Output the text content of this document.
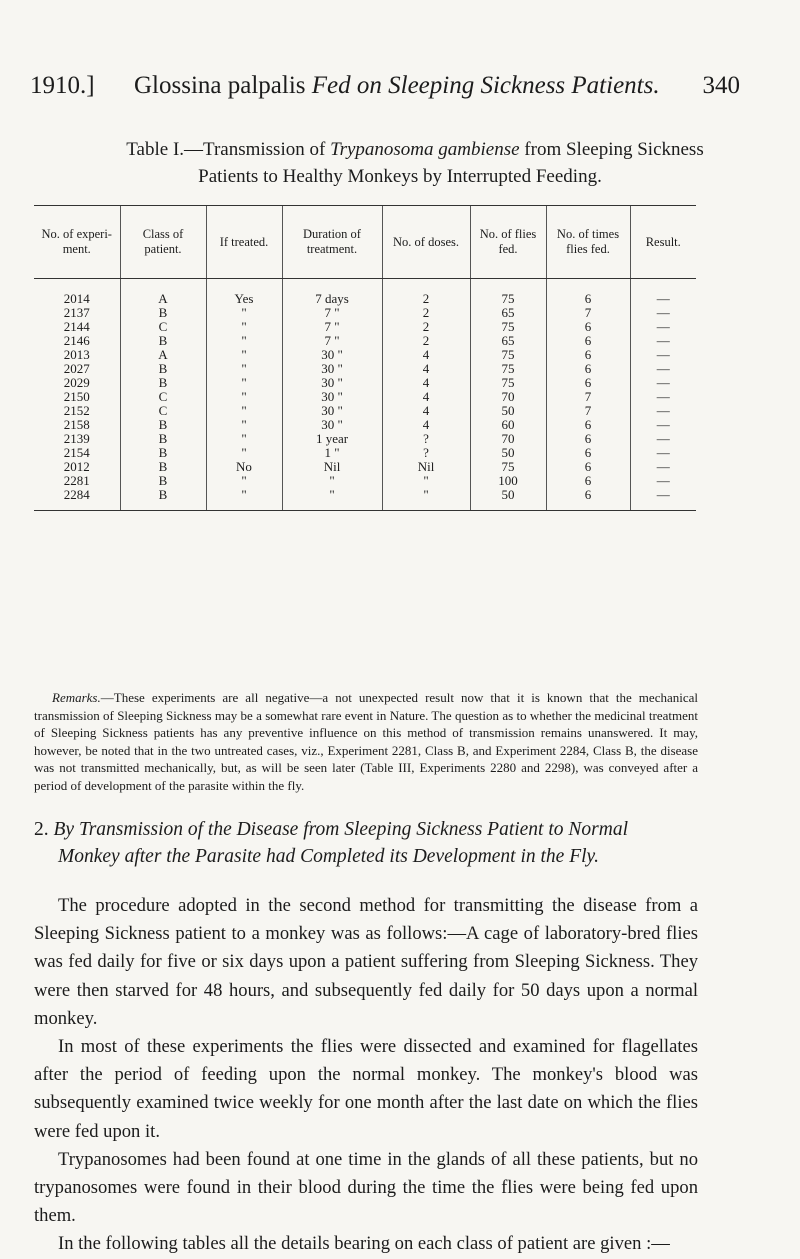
1910.] Glossina palpalis Fed on Sleeping Sickness Patients. 340
Table I.—Transmission of Trypanosoma gambiense from Sleeping Sickness
Patients to Healthy Monkeys by Interrupted Feeding.
No. of experi-ment.	Class of patient.	If treated.	Duration of treatment.	No. of doses.	No. of flies fed.	No. of times flies fed.	Result.

2014	A	Yes	7 days	2	75	6	—
2137	B	"	7 "	2	65	7	—
2144	C	"	7 "	2	75	6	—
2146	B	"	7 "	2	65	6	—
2013	A	"	30 "	4	75	6	—
2027	B	"	30 "	4	75	6	—
2029	B	"	30 "	4	75	6	—
2150	C	"	30 "	4	70	7	—
2152	C	"	30 "	4	50	7	—
2158	B	"	30 "	4	60	6	—
2139	B	"	1 year	?	70	6	—
2154	B	"	1 "	?	50	6	—
2012	B	No	Nil	Nil	75	6	—
2281	B	"	"	"	100	6	—
2284	B	"	"	"	50	6	—
Remarks.—These experiments are all negative—a not unexpected result now that it is known that the mechanical transmission of Sleeping Sickness may be a somewhat rare event in Nature. The question as to whether the medicinal treatment of Sleeping Sickness patients has any preventive influence on this method of transmission remains unanswered. It may, however, be noted that in the two untreated cases, viz., Experiment 2281, Class B, and Experiment 2284, Class B, the disease was not transmitted mechanically, but, as will be seen later (Table III, Experiments 2280 and 2298), was conveyed after a period of development of the parasite within the fly.
2. By Transmission of the Disease from Sleeping Sickness Patient to Normal
Monkey after the Parasite had Completed its Development in the Fly.

The procedure adopted in the second method for transmitting the disease from a Sleeping Sickness patient to a monkey was as follows:—A cage of laboratory-bred flies was fed daily for five or six days upon a patient suffering from Sleeping Sickness. They were then starved for 48 hours, and subsequently fed daily for 50 days upon a normal monkey.

In most of these experiments the flies were dissected and examined for flagellates after the period of feeding upon the normal monkey. The monkey's blood was subsequently examined twice weekly for one month after the last date on which the flies were fed upon it.

Trypanosomes had been found at one time in the glands of all these patients, but no trypanosomes were found in their blood during the time the flies were being fed upon them.

In the following tables all the details bearing on each class of patient are given :—
